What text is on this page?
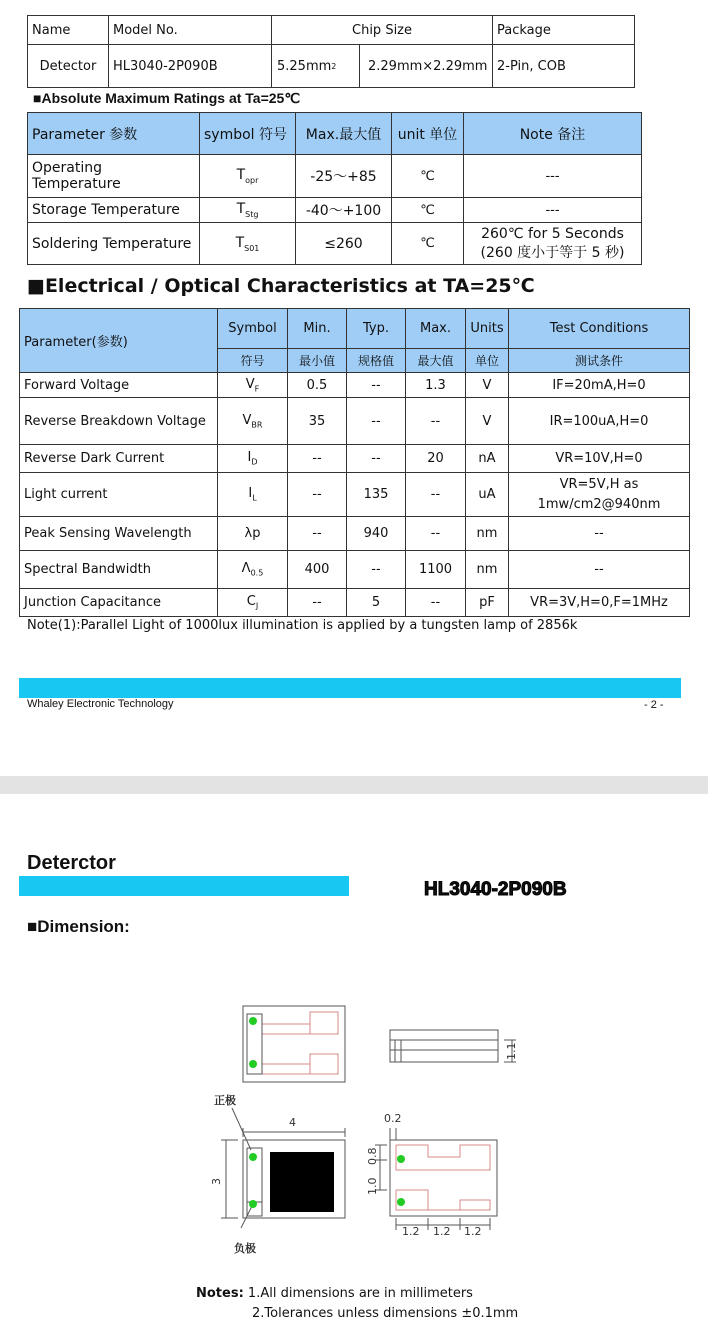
Name	Model No.	Chip Size	Package
Detector	HL3040-2P090B	5.25mm 2 2.29mm×2.29mm	2-Pin, COB
■Absolute Maximum Ratings at Ta=25℃
Parameter 参数	symbol 符号	Max.最大值	unit 单位	Note 备注
Operating Temperature	$T_{opr}$	-25～+85	℃	---
Storage Temperature	$T_{Stg}$	-40～+100	℃	---
Soldering Temperature	$T_{S01}$	≤260	℃	260℃ for 5 Seconds
(260 度小于等于 5 秒)
■Electrical / Optical Characteristics at TA=25℃
Parameter(参数)	Symbol	Min.	Typ.	Max.	Units	Test Conditions
	符号	最小值	规格值	最大值	单位	测试条件
Forward Voltage	$V_F$	0.5	--	1.3	V	IF=20mA,H=0
Reverse Breakdown Voltage	$V_{BR}$	35	--	--	V	IR=100uA,H=0
Reverse Dark Current	$I_D$	--	--	20	nA	VR=10V,H=0
Light current	$I_L$	--	135	--	uA	VR=5V,H as
1mw/cm2@940nm

Peak Sensing Wavelength	λp	--	940	--	nm	--
Spectral Bandwidth	$\Lambda_{0.5}$	400	--	1100	nm	--
Junction Capacitance	$C_J$	--	5	--	pF	VR=3V,H=0,F=1MHz
Note(1):Parallel Light of 1000lux illumination is applied by a tungsten lamp of 2856k
Whaley Electronic Technology	- 2 -
Deterctor
HL3040-2P090B
■Dimension:
正极
负极
4
3
1.1
0.2
0.8
1.0
1.2 1.2 1.2
Notes: 1.All dimensions are in millimeters
2.Tolerances unless dimensions ±0.1mm
